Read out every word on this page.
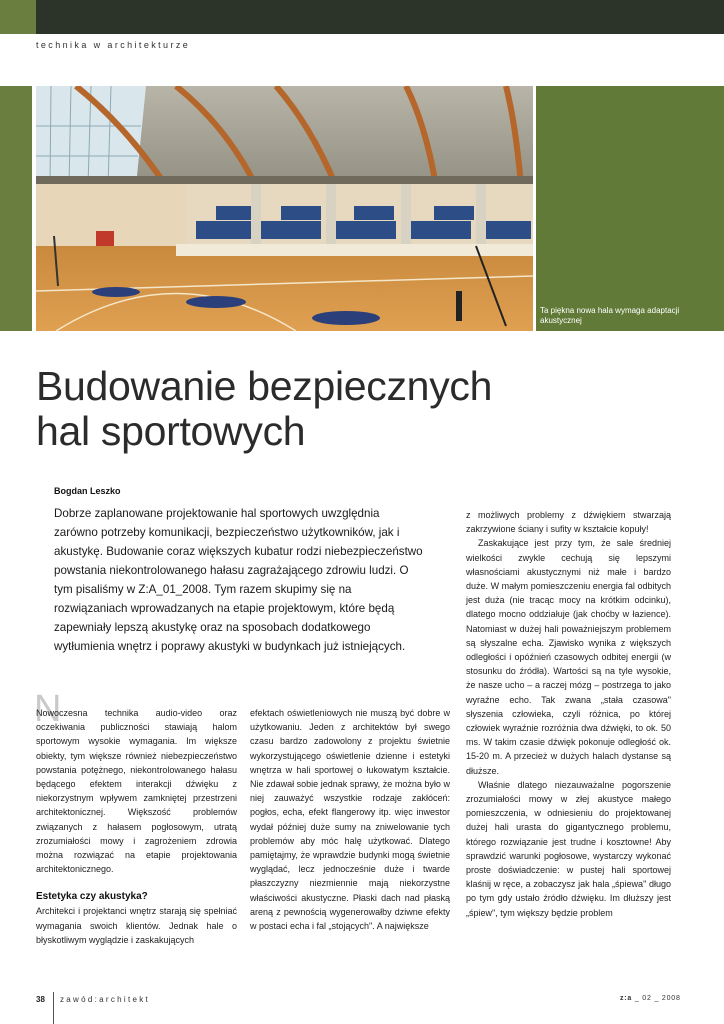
technika w architekturze
Ta piękna nowa hala wymaga adaptacji akustycznej
Budowanie bezpiecznych
hal sportowych
Bogdan Leszko

Dobrze zaplanowane projektowanie hal sportowych uwzględnia zarówno potrzeby komunikacji, bezpieczeństwo użytkowników, jak i akustykę. Budowanie coraz większych kubatur rodzi niebezpieczeństwo powstania niekontrolowanego hałasu zagrażającego zdrowiu ludzi. O tym pisaliśmy w Z:A_01_2008. Tym razem skupimy się na rozwiązaniach wprowadzanych na etapie projektowym, które będą zapewniały lepszą akustykę oraz na sposobach dodatkowego wytłumienia wnętrz i poprawy akustyki w budynkach już istniejących.

N

Nowoczesna technika audio-video oraz oczekiwania publiczności stawiają halom sportowym wysokie wymagania. Im większe obiekty, tym większe również niebezpieczeństwo powstania potężnego, niekontrolowanego hałasu będącego efektem interakcji dźwięku z niekorzystnym wpływem zamkniętej przestrzeni architektonicznej. Większość problemów związanych z hałasem pogłosowym, utratą zrozumiałości mowy i zagrożeniem zdrowia można rozwiązać na etapie projektowania architektonicznego.

Estetyka czy akustyka?

Architekci i projektanci wnętrz starają się spełniać wymagania swoich klientów. Jednak hale o błyskotliwym wyglądzie i zaskakujących

efektach oświetleniowych nie muszą być dobre w użytkowaniu. Jeden z architektów był swego czasu bardzo zadowolony z projektu świetnie wykorzystującego oświetlenie dzienne i estetyki wnętrza w hali sportowej o łukowatym kształcie. Nie zdawał sobie jednak sprawy, że można było w niej zauważyć wszystkie rodzaje zakłóceń: pogłos, echa, efekt flangerowy itp. więc inwestor wydał później duże sumy na zniwelowanie tych problemów aby móc halę użytkować. Dlatego pamiętajmy, że wprawdzie budynki mogą świetnie wyglądać, lecz jednocześnie duże i twarde płaszczyzny niezmiennie mają niekorzystne właściwości akustyczne. Płaski dach nad płaską areną z pewnością wygenerowałby dziwne efekty w postaci echa i fal „stojących". A największe

z możliwych problemy z dźwiękiem stwarzają zakrzywione ściany i sufity w kształcie kopuły!

Zaskakujące jest przy tym, że sale średniej wielkości zwykle cechują się lepszymi własnościami akustycznymi niż małe i bardzo duże. W małym pomieszczeniu energia fal odbitych jest duża (nie tracąc mocy na krótkim odcinku), dlatego mocno oddziałuje (jak choćby w łazience). Natomiast w dużej hali poważniejszym problemem są słyszalne echa. Zjawisko wynika z większych odległości i opóźnień czasowych odbitej energii (w stosunku do źródła). Wartości są na tyle wysokie, że nasze ucho – a raczej mózg – postrzega to jako wyraźne echo. Tak zwana „stała czasowa" słyszenia człowieka, czyli różnica, po której człowiek wyraźnie rozróżnia dwa dźwięki, to ok. 50 ms. W takim czasie dźwięk pokonuje odległość ok. 15-20 m. A przecież w dużych halach dystanse są dłuższe.

Właśnie dlatego niezauważalne pogorszenie zrozumiałości mowy w złej akustyce małego pomieszczenia, w odniesieniu do projektowanej dużej hali urasta do gigantycznego problemu, którego rozwiązanie jest trudne i kosztowne! Aby sprawdzić warunki pogłosowe, wystarczy wykonać proste doświadczenie: w pustej hali sportowej klaśnij w ręce, a zobaczysz jak hala „śpiewa" długo po tym gdy ustało źródło dźwięku. Im dłuższy jest „śpiew", tym większy będzie problem

38 zawód:architekt	z:a _ 02 _ 2008
